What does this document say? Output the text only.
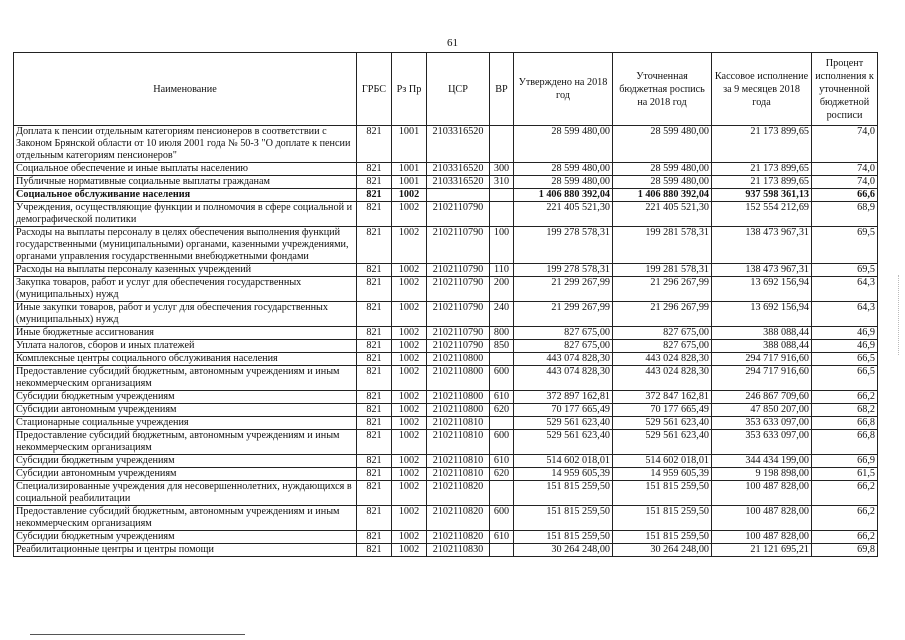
61
Наименование	ГРБС	Рз Пр	ЦСР	ВР	Утверждено на 2018 год	Уточненная бюджетная роспись на 2018 год	Кассовое исполнение за 9 месяцев 2018 года	Процент исполнения к уточненной бюджетной росписи
Доплата к пенсии отдельным категориям пенсионеров в соответствии с Законом Брянской области от 10 июля 2001 года № 50-З "О доплате к пенсии отдельным категориям пенсионеров"	821	1001	2103316520		28 599 480,00	28 599 480,00	21 173 899,65	74,0
Социальное обеспечение и иные выплаты населению	821	1001	2103316520	300	28 599 480,00	28 599 480,00	21 173 899,65	74,0
Публичные нормативные социальные выплаты гражданам	821	1001	2103316520	310	28 599 480,00	28 599 480,00	21 173 899,65	74,0
Социальное обслуживание населения	821	1002			1 406 880 392,04	1 406 880 392,04	937 598 361,13	66,6
Учреждения, осуществляющие функции и полномочия в сфере социальной и демографической политики	821	1002	2102110790		221 405 521,30	221 405 521,30	152 554 212,69	68,9
Расходы на выплаты персоналу в целях обеспечения выполнения функций государственными (муниципальными) органами, казенными учреждениями, органами управления государственными внебюджетными фондами	821	1002	2102110790	100	199 278 578,31	199 281 578,31	138 473 967,31	69,5
Расходы на выплаты персоналу казенных учреждений	821	1002	2102110790	110	199 278 578,31	199 281 578,31	138 473 967,31	69,5
Закупка товаров, работ и услуг для обеспечения государственных (муниципальных) нужд	821	1002	2102110790	200	21 299 267,99	21 296 267,99	13 692 156,94	64,3
Иные закупки товаров, работ и услуг для обеспечения государственных (муниципальных) нужд	821	1002	2102110790	240	21 299 267,99	21 296 267,99	13 692 156,94	64,3
Иные бюджетные ассигнования	821	1002	2102110790	800	827 675,00	827 675,00	388 088,44	46,9
Уплата налогов, сборов и иных платежей	821	1002	2102110790	850	827 675,00	827 675,00	388 088,44	46,9
Комплексные центры социального обслуживания населения	821	1002	2102110800		443 074 828,30	443 024 828,30	294 717 916,60	66,5
Предоставление субсидий бюджетным, автономным учреждениям и иным некоммерческим организациям	821	1002	2102110800	600	443 074 828,30	443 024 828,30	294 717 916,60	66,5
Субсидии бюджетным учреждениям	821	1002	2102110800	610	372 897 162,81	372 847 162,81	246 867 709,60	66,2
Субсидии автономным учреждениям	821	1002	2102110800	620	70 177 665,49	70 177 665,49	47 850 207,00	68,2
Стационарные социальные учреждения	821	1002	2102110810		529 561 623,40	529 561 623,40	353 633 097,00	66,8
Предоставление субсидий бюджетным, автономным учреждениям и иным некоммерческим организациям	821	1002	2102110810	600	529 561 623,40	529 561 623,40	353 633 097,00	66,8
Субсидии бюджетным учреждениям	821	1002	2102110810	610	514 602 018,01	514 602 018,01	344 434 199,00	66,9
Субсидии автономным учреждениям	821	1002	2102110810	620	14 959 605,39	14 959 605,39	9 198 898,00	61,5
Специализированные учреждения для несовершеннолетних, нуждающихся в социальной реабилитации	821	1002	2102110820		151 815 259,50	151 815 259,50	100 487 828,00	66,2
Предоставление субсидий бюджетным, автономным учреждениям и иным некоммерческим организациям	821	1002	2102110820	600	151 815 259,50	151 815 259,50	100 487 828,00	66,2
Субсидии бюджетным учреждениям	821	1002	2102110820	610	151 815 259,50	151 815 259,50	100 487 828,00	66,2
Реабилитационные центры и центры помощи	821	1002	2102110830		30 264 248,00	30 264 248,00	21 121 695,21	69,8
